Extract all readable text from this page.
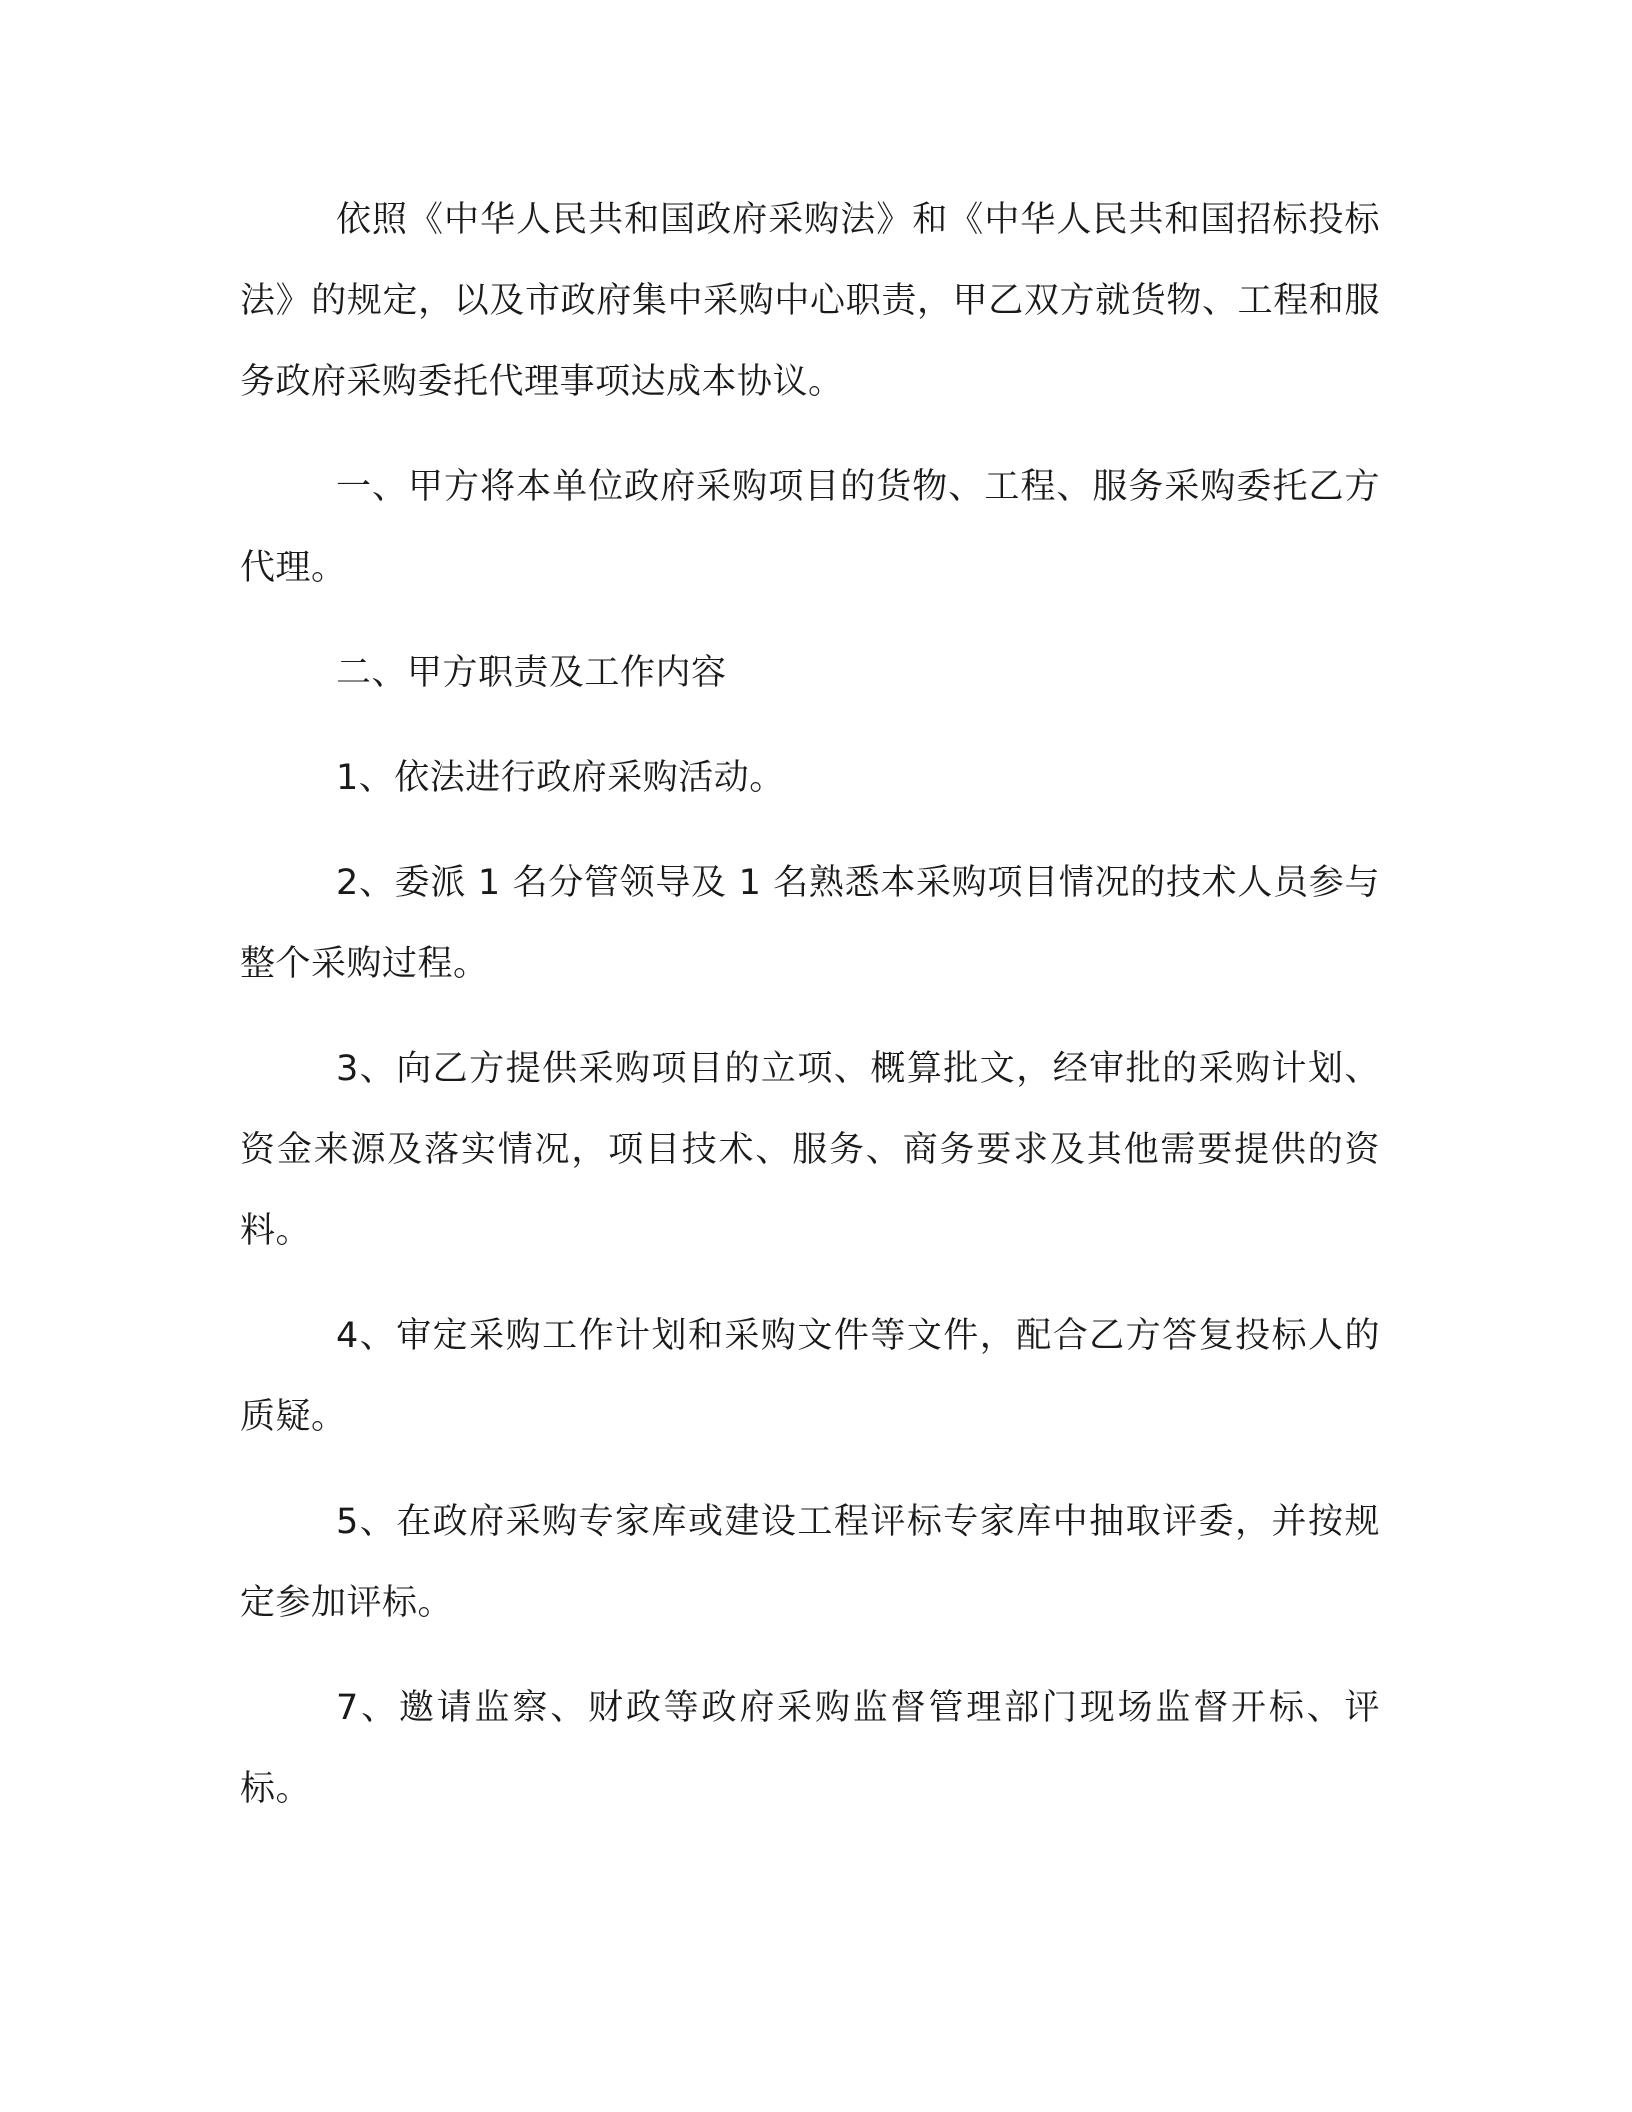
依照《中华人民共和国政府采购法》和《中华人民共和国招标投标法》的规定，以及市政府集中采购中心职责，甲乙双方就货物、工程和服务政府采购委托代理事项达成本协议。

一、甲方将本单位政府采购项目的货物、工程、服务采购委托乙方代理。

二、甲方职责及工作内容

1、依法进行政府采购活动。

2、委派 1 名分管领导及 1 名熟悉本采购项目情况的技术人员参与整个采购过程。

3、向乙方提供采购项目的立项、概算批文，经审批的采购计划、资金来源及落实情况，项目技术、服务、商务要求及其他需要提供的资料。

4、审定采购工作计划和采购文件等文件，配合乙方答复投标人的质疑。

5、在政府采购专家库或建设工程评标专家库中抽取评委，并按规定参加评标。

7、邀请监察、财政等政府采购监督管理部门现场监督开标、评标。
